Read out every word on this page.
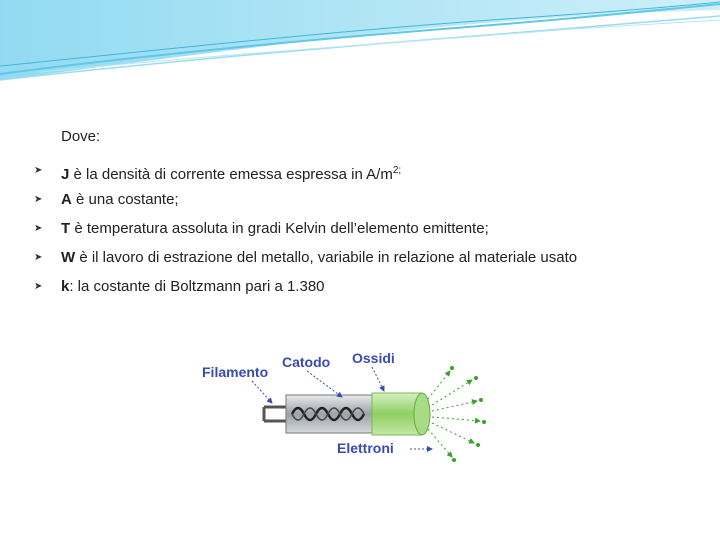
Dove:
➤ J è la densità di corrente emessa espressa in $A/m^{2;}$
➤ A è una costante;
➤ T è temperatura assoluta in gradi Kelvin dell’elemento emittente;
➤ W è il lavoro di estrazione del metallo, variabile in relazione al materiale usato
➤ k: la costante di Boltzmann pari a 1.380
Filamento
Catodo Ossidi
Elettroni
